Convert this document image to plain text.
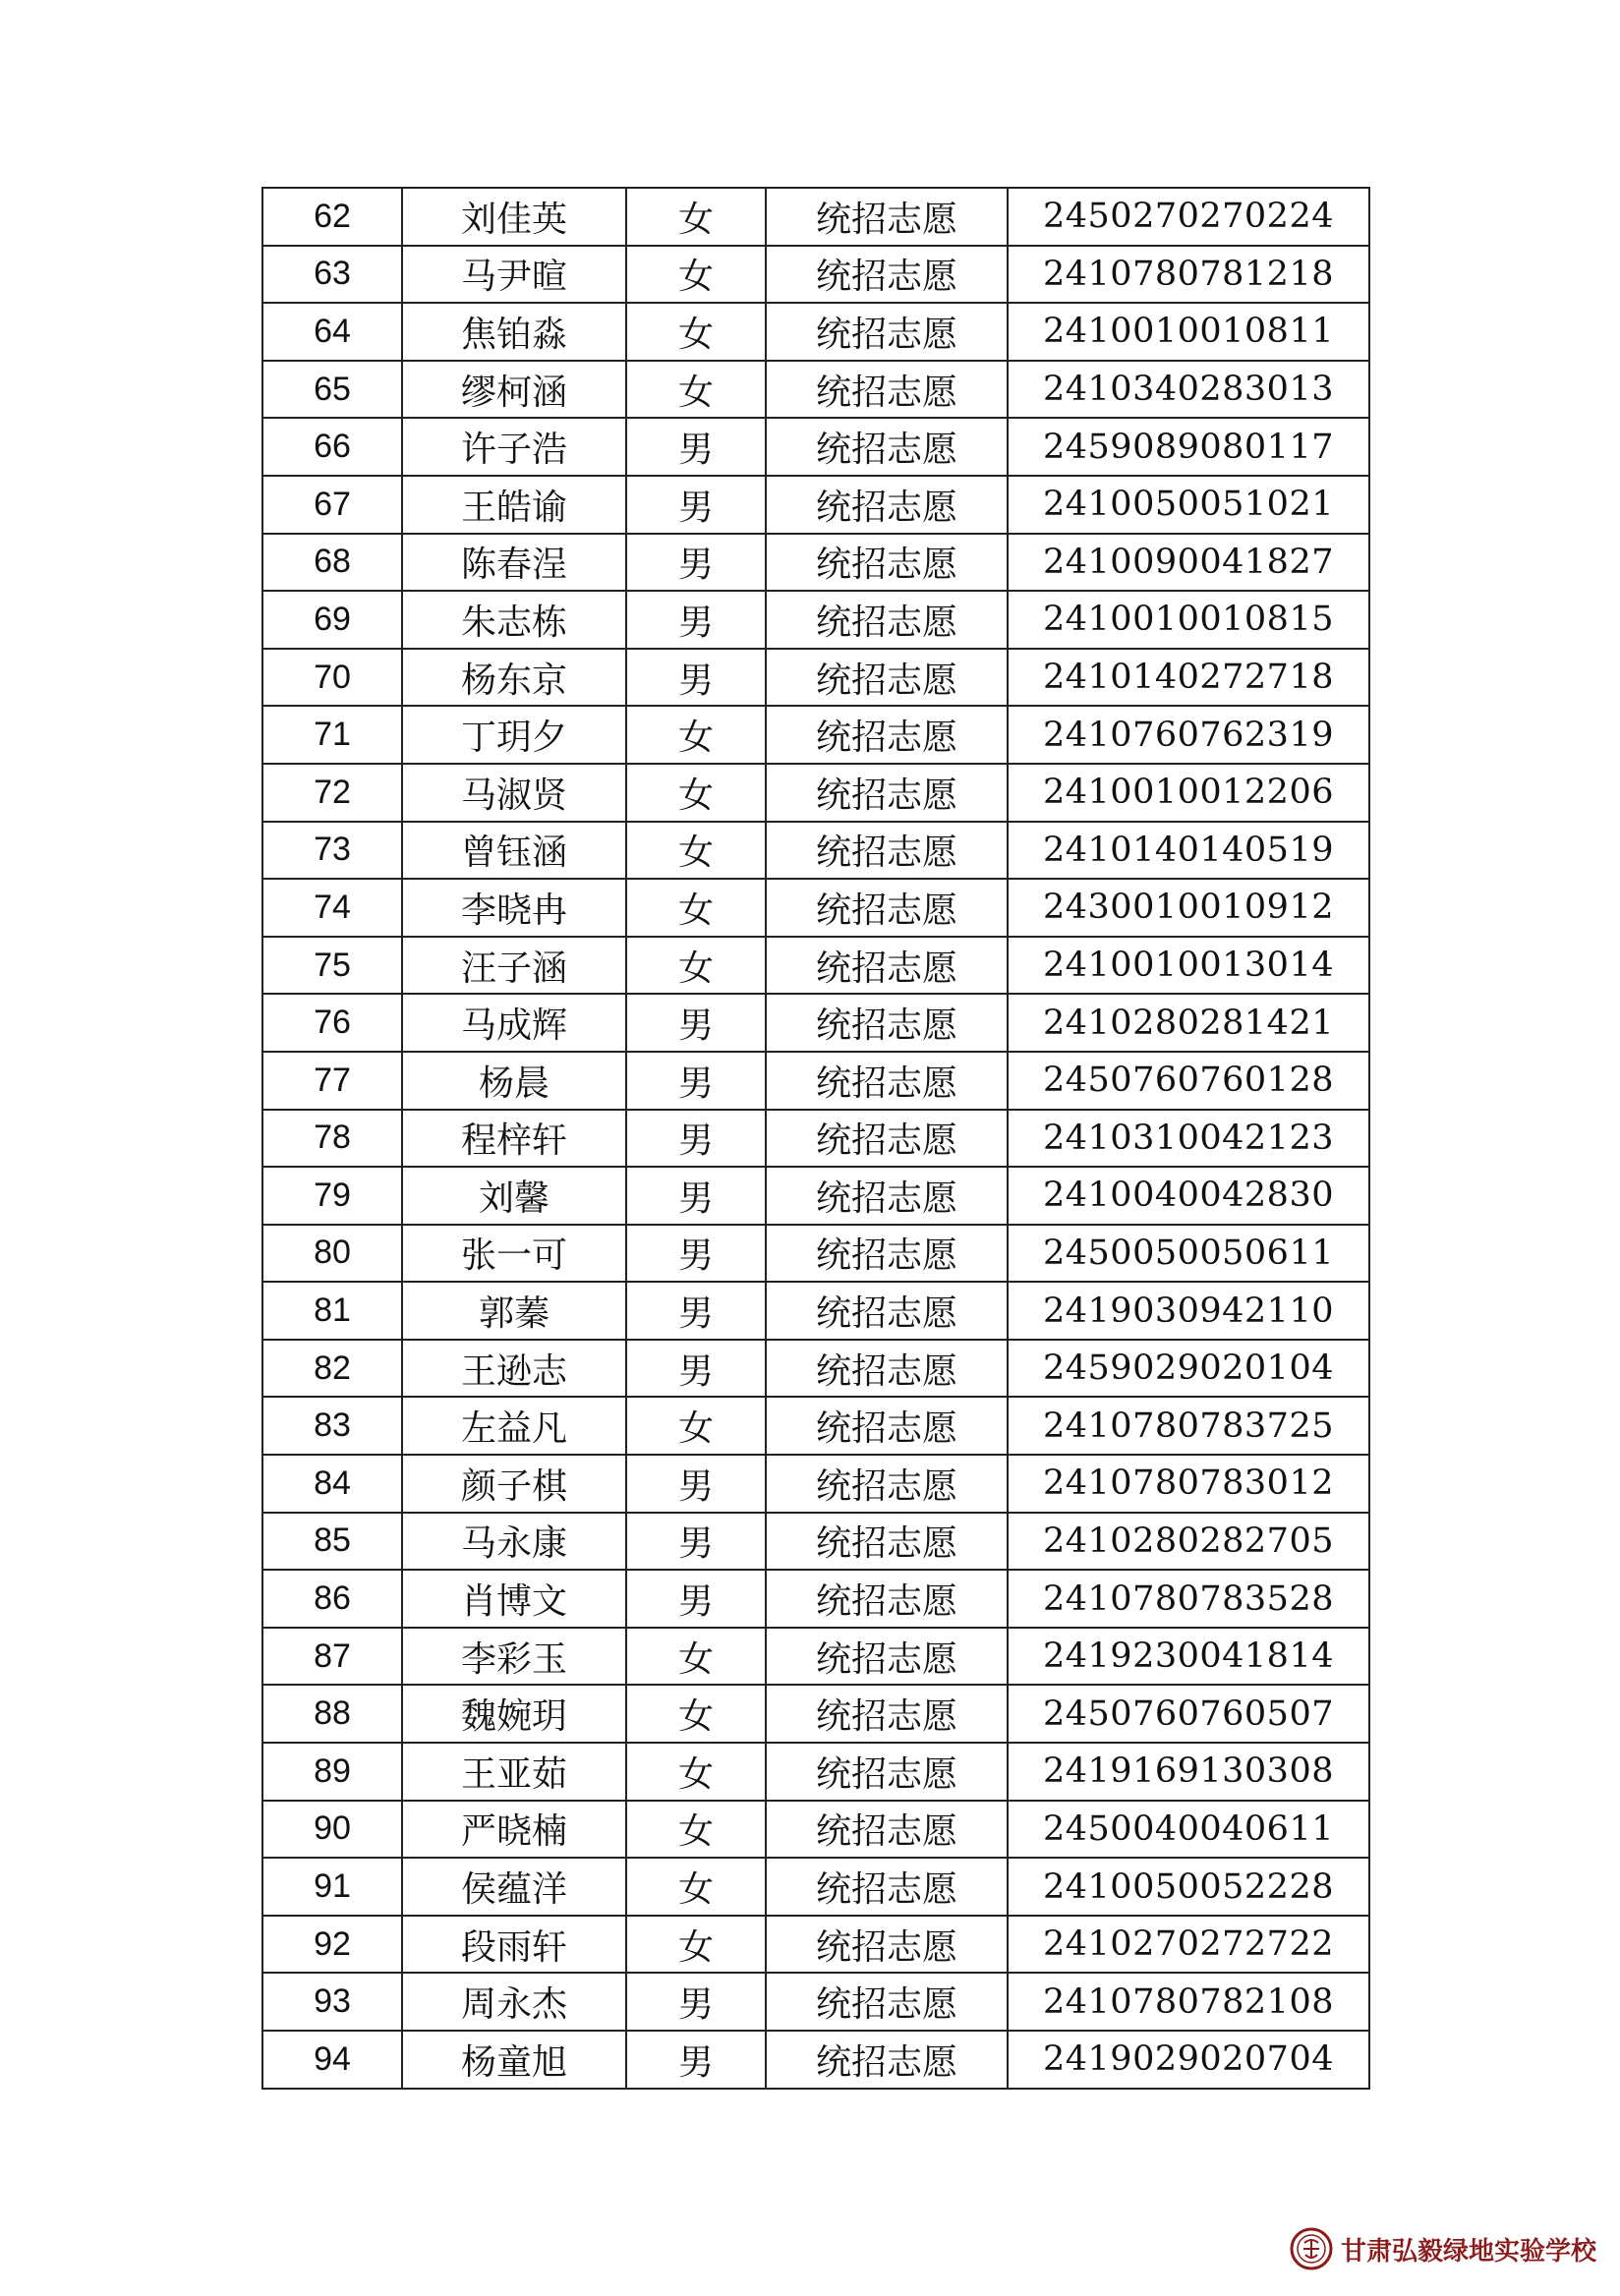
62	刘佳英	女	统招志愿	2450270270224
63	马尹暄	女	统招志愿	2410780781218
64	焦铂淼	女	统招志愿	2410010010811
65	缪柯涵	女	统招志愿	2410340283013
66	许子浩	男	统招志愿	2459089080117
67	王皓谕	男	统招志愿	2410050051021
68	陈春浧	男	统招志愿	2410090041827
69	朱志栋	男	统招志愿	2410010010815
70	杨东京	男	统招志愿	2410140272718
71	丁玥夕	女	统招志愿	2410760762319
72	马淑贤	女	统招志愿	2410010012206
73	曾钰涵	女	统招志愿	2410140140519
74	李晓冉	女	统招志愿	2430010010912
75	汪子涵	女	统招志愿	2410010013014
76	马成辉	男	统招志愿	2410280281421
77	杨晨	男	统招志愿	2450760760128
78	程梓轩	男	统招志愿	2410310042123
79	刘馨	男	统招志愿	2410040042830
80	张一可	男	统招志愿	2450050050611
81	郭蓁	男	统招志愿	2419030942110
82	王逊志	男	统招志愿	2459029020104
83	左益凡	女	统招志愿	2410780783725
84	颜子棋	男	统招志愿	2410780783012
85	马永康	男	统招志愿	2410280282705
86	肖博文	男	统招志愿	2410780783528
87	李彩玉	女	统招志愿	2419230041814
88	魏婉玥	女	统招志愿	2450760760507
89	王亚茹	女	统招志愿	2419169130308
90	严晓楠	女	统招志愿	2450040040611
91	侯蕴洋	女	统招志愿	2410050052228
92	段雨轩	女	统招志愿	2410270272722
93	周永杰	男	统招志愿	2410780782108
94	杨童旭	男	统招志愿	2419029020704
甘肃弘毅绿地实验学校
